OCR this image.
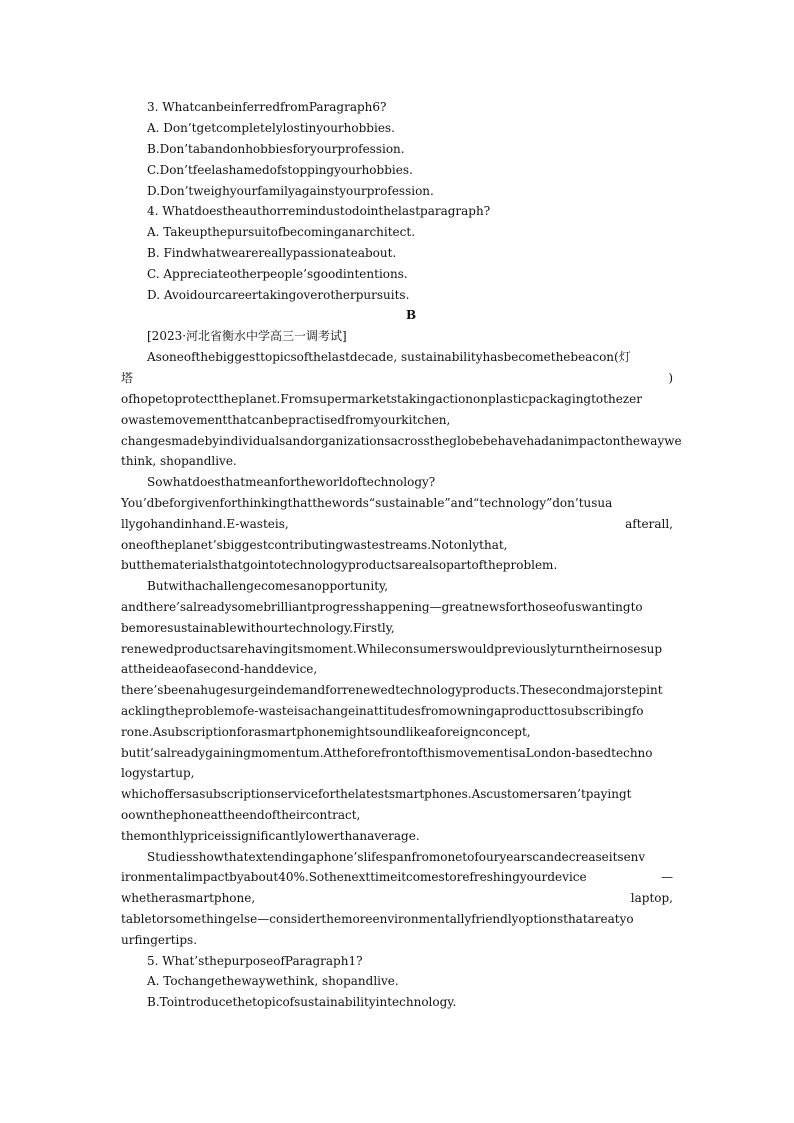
3. WhatcanbeinferredfromParagraph6?
A. Don’tgetcompletelylostinyourhobbies.
B.Don’tabandonhobbiesforyourprofession.
C.Don’tfeelashamedofstoppingyourhobbies.
D.Don’tweighyourfamilyagainstyourprofession.
4. Whatdoestheauthorremindustodointhelastparagraph?
A. Takeupthepursuitofbecominganarchitect.
B. Findwhatwearereallypassionateabout.
C. Appreciateotherpeople’sgoodintentions.
D. Avoidourcareertakingoverotherpursuits.
B
[2023·河北省衡水中学高三一调考试]
Asoneofthebiggesttopicsofthelastdecade, sustainabilityhasbecomethebeacon(灯
塔	)
ofhopetoprotecttheplanet.Fromsupermarketstakingactiononplasticpackagingtothezer
owastemovementthatcanbepractisedfromyourkitchen,
changesmadebyindividualsandorganizationsacrosstheglobebehavehadanimpactonthewaywe
think, shopandlive.
Sowhatdoesthatmeanfortheworldoftechnology?
You’dbeforgivenforthinkingthatthewords“sustainable”and“technology”don’tusua
llygohandinhand.E-wasteis,	afterall,
oneoftheplanet’sbiggestcontributingwastestreams.Notonlythat,
butthematerialsthatgointotechnologyproductsarealsopartoftheproblem.
Butwithachallengecomesanopportunity,
andthere’salreadysomebrilliantprogresshappening—greatnewsforthoseofuswantingto
bemoresustainablewithourtechnology.Firstly,
renewedproductsarehavingitsmoment.Whileconsumerswouldpreviouslyturntheirnosesup
attheideaofasecond-handdevice,
there’sbeenahugesurgeindemandforrenewedtechnologyproducts.Thesecondmajorstepint
acklingtheproblemofe-wasteisachangeinattitudesfromowningaproducttosubscribingfo
rone.Asubscriptionforasmartphonemightsoundlikeaforeignconcept,
butit’salreadygainingmomentum.AttheforefrontofthismovementisaLondon-basedtechno
logystartup,
whichoffersasubscriptionserviceforthelatestsmartphones.Ascustomersaren’tpayingt
oownthephoneattheendoftheircontract,
themonthlypriceissignificantlylowerthanaverage.
Studiesshowthatextendingaphone’slifespanfromonetofouryearscandecreaseitsenv
ironmentalimpactbyabout40%.Sothenexttimeitcomestorefreshingyourdevice	—
whetherasmartphone,	laptop,
tabletorsomethingelse—considerthemoreenvironmentallyfriendlyoptionsthatareatyo
urfingertips.
5. What’sthepurposeofParagraph1?
A. Tochangethewaywethink, shopandlive.
B.Tointroducethetopicofsustainabilityintechnology.
